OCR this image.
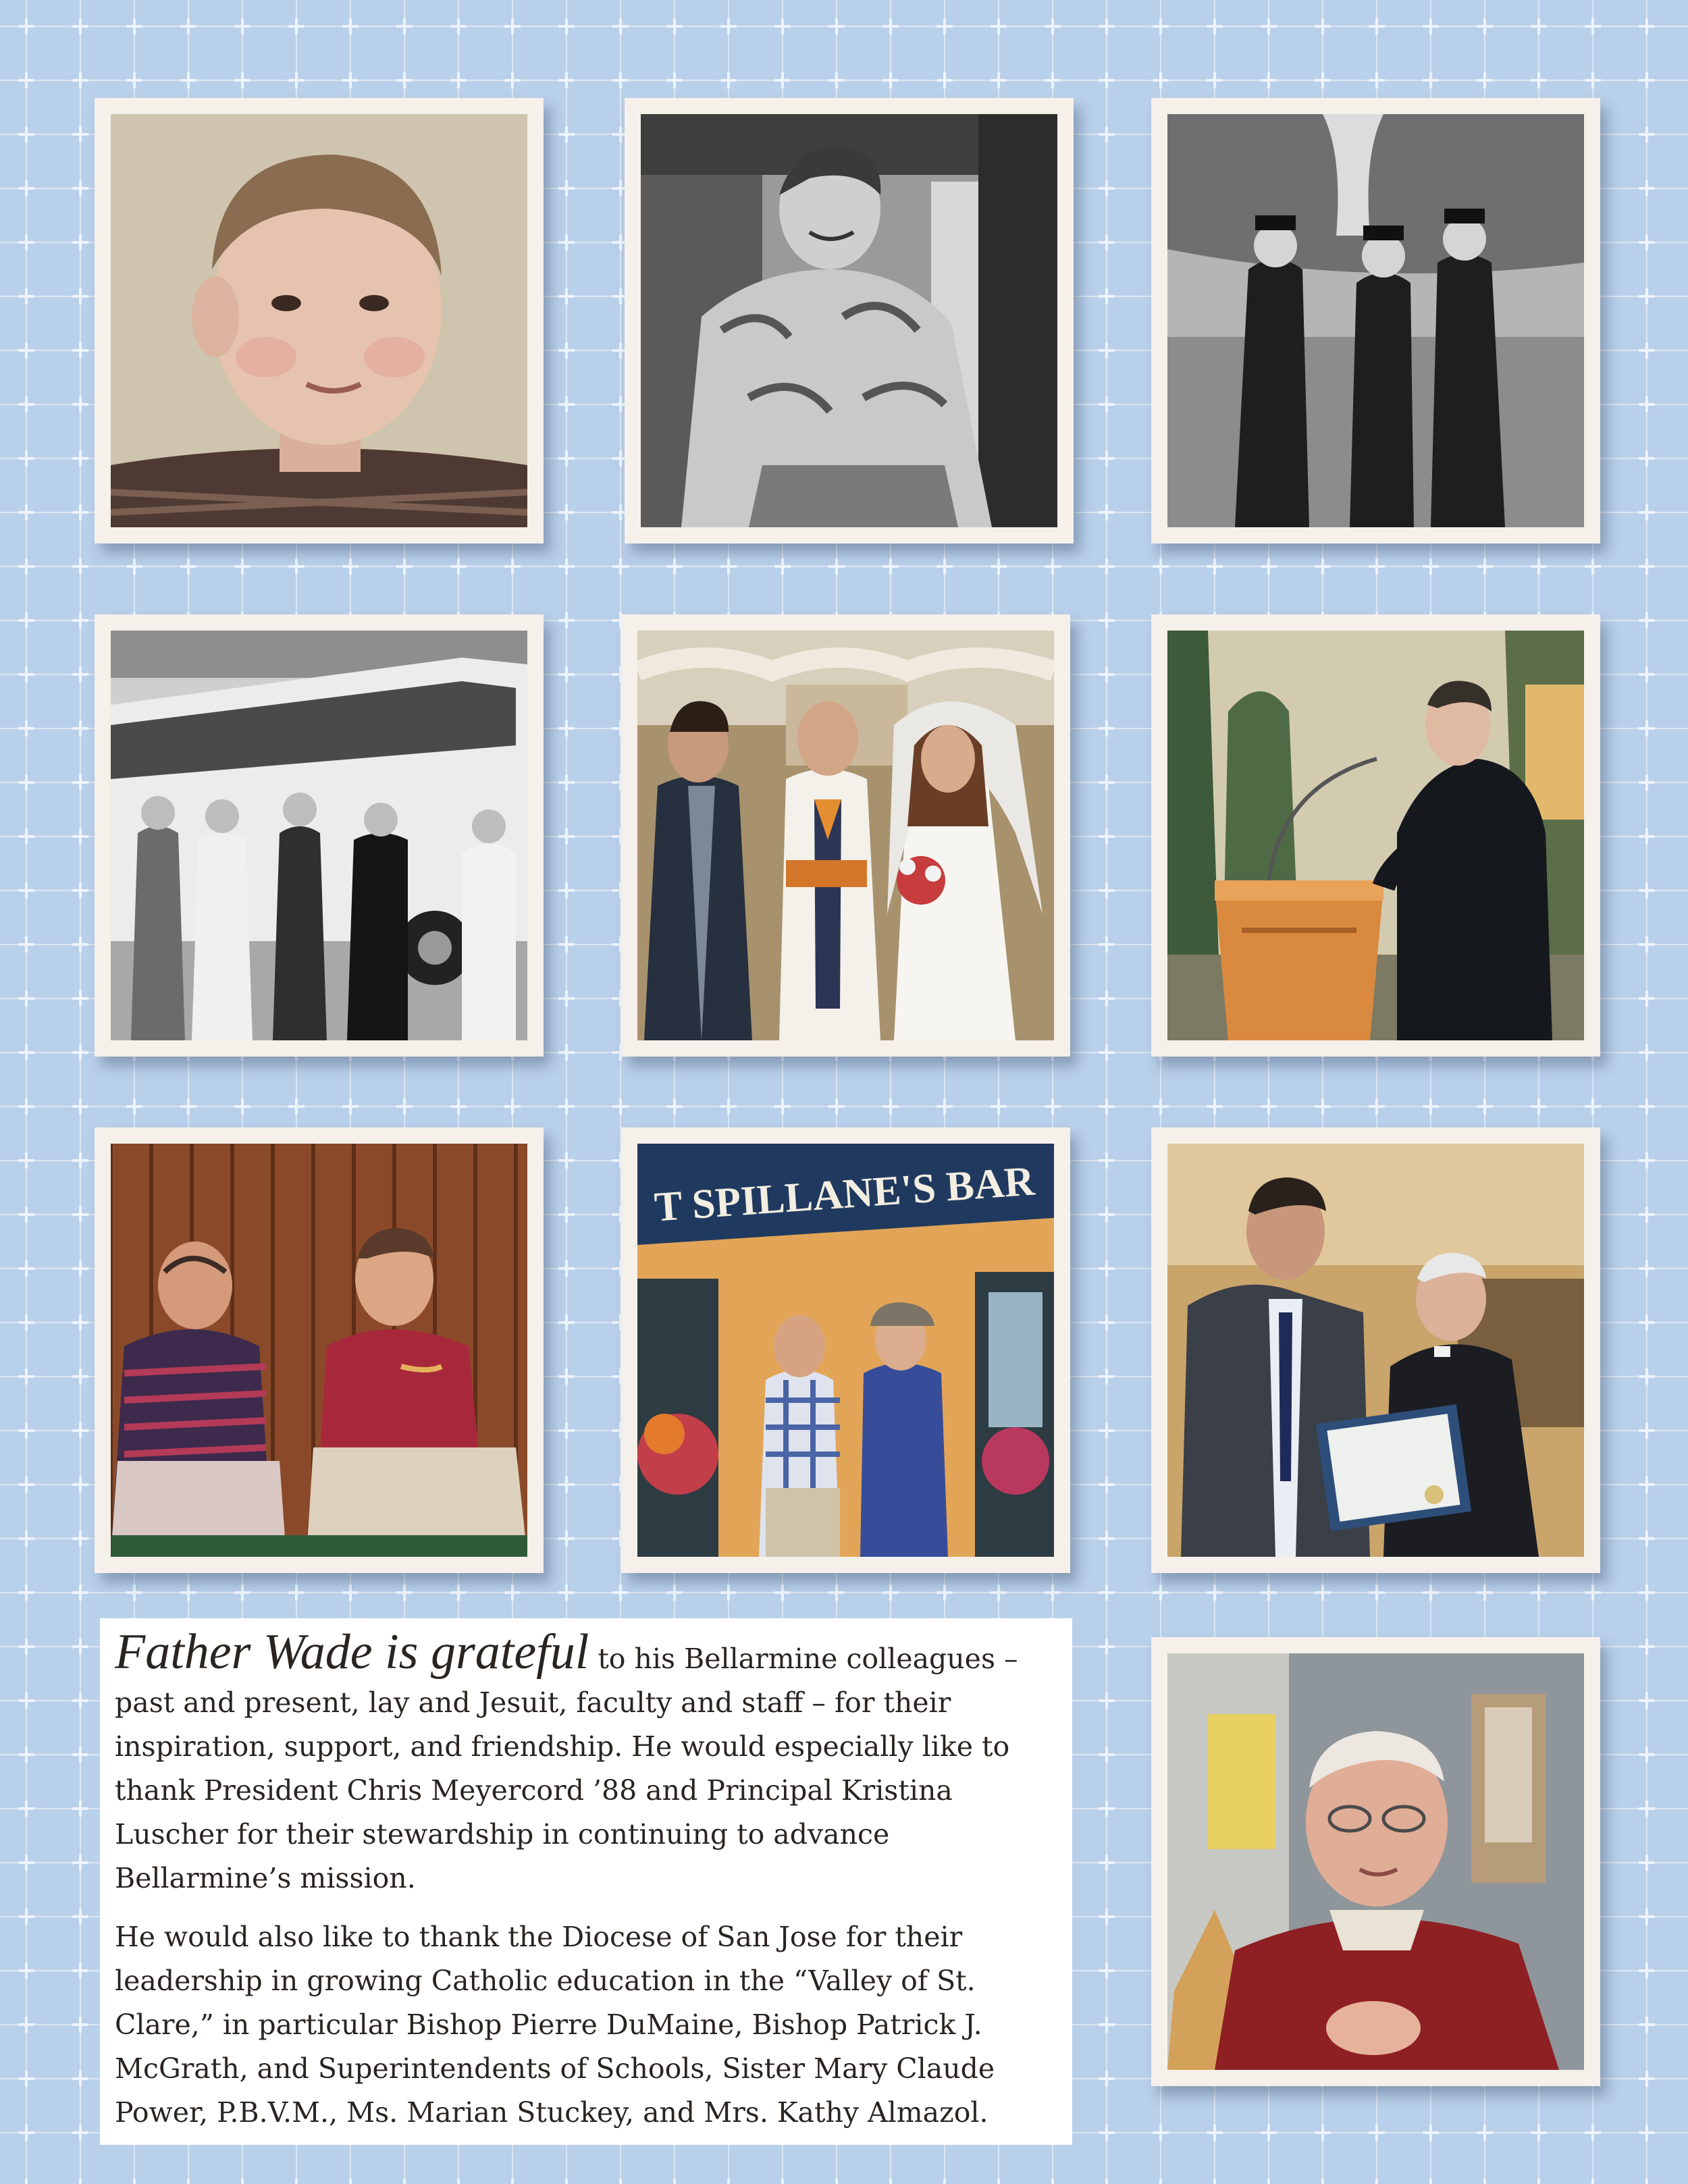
T SPILLANE'S BAR

Father Wade is grateful to his Bellarmine colleagues – past and present, lay and Jesuit, faculty and staff – for their inspiration, support, and friendship. He would especially like to thank President Chris Meyercord ’88 and Principal Kristina Luscher for their stewardship in continuing to advance Bellarmine’s mission.

He would also like to thank the Diocese of San Jose for their leadership in growing Catholic education in the “Valley of St. Clare,” in particular Bishop Pierre DuMaine, Bishop Patrick J. McGrath, and Superintendents of Schools, Sister Mary Claude Power, P.B.V.M., Ms. Marian Stuckey, and Mrs. Kathy Almazol.
